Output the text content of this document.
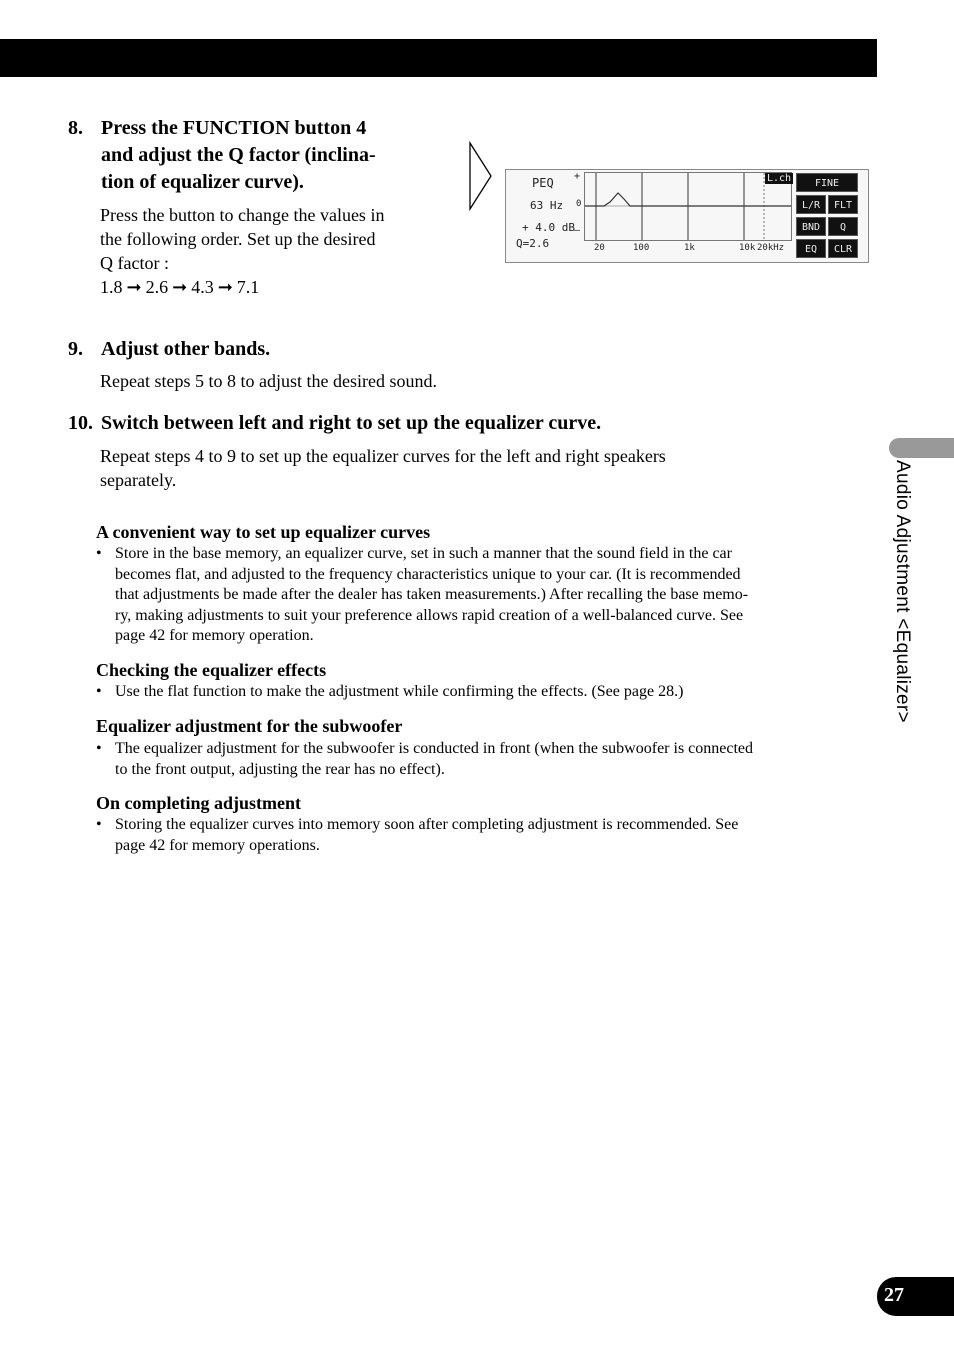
8. Press the FUNCTION button 4
and adjust the Q factor (inclina-
tion of equalizer curve).
Press the button to change the values in
the following order. Set up the desired
Q factor :
1.8 ➞ 2.6 ➞ 4.3 ➞ 7.1
PEQ
63 Hz
+ 4.0 dB
Q=2.6
+
0
–
20	100	1k	10k 20kHz
L.ch	FINE
L/R	FLT
BND	Q
EQ	CLR
9. Adjust other bands.
Repeat steps 5 to 8 to adjust the desired sound.
10. Switch between left and right to set up the equalizer curve.
Repeat steps 4 to 9 to set up the equalizer curves for the left and right speakers
separately.
A convenient way to set up equalizer curves
• Store in the base memory, an equalizer curve, set in such a manner that the sound field in the car
becomes flat, and adjusted to the frequency characteristics unique to your car. (It is recommended
that adjustments be made after the dealer has taken measurements.) After recalling the base memo-
ry, making adjustments to suit your preference allows rapid creation of a well-balanced curve. See
page 42 for memory operation.
Checking the equalizer effects
• Use the flat function to make the adjustment while confirming the effects. (See page 28.)
Equalizer adjustment for the subwoofer
• The equalizer adjustment for the subwoofer is conducted in front (when the subwoofer is connected
to the front output, adjusting the rear has no effect).
On completing adjustment
• Storing the equalizer curves into memory soon after completing adjustment is recommended. See
page 42 for memory operations.
Audio Adjustment <Equalizer>
27
